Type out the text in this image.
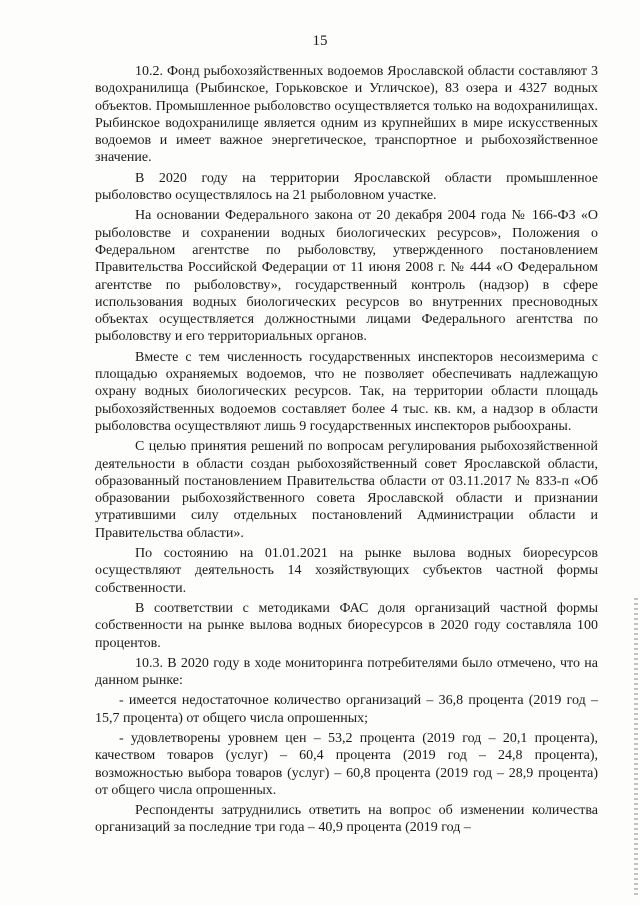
15

10.2. Фонд рыбохозяйственных водоемов Ярославской области составляют 3 водохранилища (Рыбинское, Горьковское и Угличское), 83 озера и 4327 водных объектов. Промышленное рыболовство осуществляется только на водохранилищах. Рыбинское водохранилище является одним из крупнейших в мире искусственных водоемов и имеет важное энергетическое, транспортное и рыбохозяйственное значение.

В 2020 году на территории Ярославской области промышленное рыболовство осуществлялось на 21 рыболовном участке.

На основании Федерального закона от 20 декабря 2004 года № 166-ФЗ «О рыболовстве и сохранении водных биологических ресурсов», Положения о Федеральном агентстве по рыболовству, утвержденного постановлением Правительства Российской Федерации от 11 июня 2008 г. № 444 «О Федеральном агентстве по рыболовству», государственный контроль (надзор) в сфере использования водных биологических ресурсов во внутренних пресноводных объектах осуществляется должностными лицами Федерального агентства по рыболовству и его территориальных органов.

Вместе с тем численность государственных инспекторов несоизмерима с площадью охраняемых водоемов, что не позволяет обеспечивать надлежащую охрану водных биологических ресурсов. Так, на территории области площадь рыбохозяйственных водоемов составляет более 4 тыс. кв. км, а надзор в области рыболовства осуществляют лишь 9 государственных инспекторов рыбоохраны.

С целью принятия решений по вопросам регулирования рыбохозяйственной деятельности в области создан рыбохозяйственный совет Ярославской области, образованный постановлением Правительства области от 03.11.2017 № 833-п «Об образовании рыбохозяйственного совета Ярославской области и признании утратившими силу отдельных постановлений Администрации области и Правительства области».

По состоянию на 01.01.2021 на рынке вылова водных биоресурсов осуществляют деятельность 14 хозяйствующих субъектов частной формы собственности.

В соответствии с методиками ФАС доля организаций частной формы собственности на рынке вылова водных биоресурсов в 2020 году составляла 100 процентов.

10.3. В 2020 году в ходе мониторинга потребителями было отмечено, что на данном рынке:

- имеется недостаточное количество организаций – 36,8 процента (2019 год – 15,7 процента) от общего числа опрошенных;

- удовлетворены уровнем цен – 53,2 процента (2019 год – 20,1 процента), качеством товаров (услуг) – 60,4 процента (2019 год – 24,8 процента), возможностью выбора товаров (услуг) – 60,8 процента (2019 год – 28,9 процента) от общего числа опрошенных.

Респонденты затруднились ответить на вопрос об изменении количества организаций за последние три года – 40,9 процента (2019 год –
